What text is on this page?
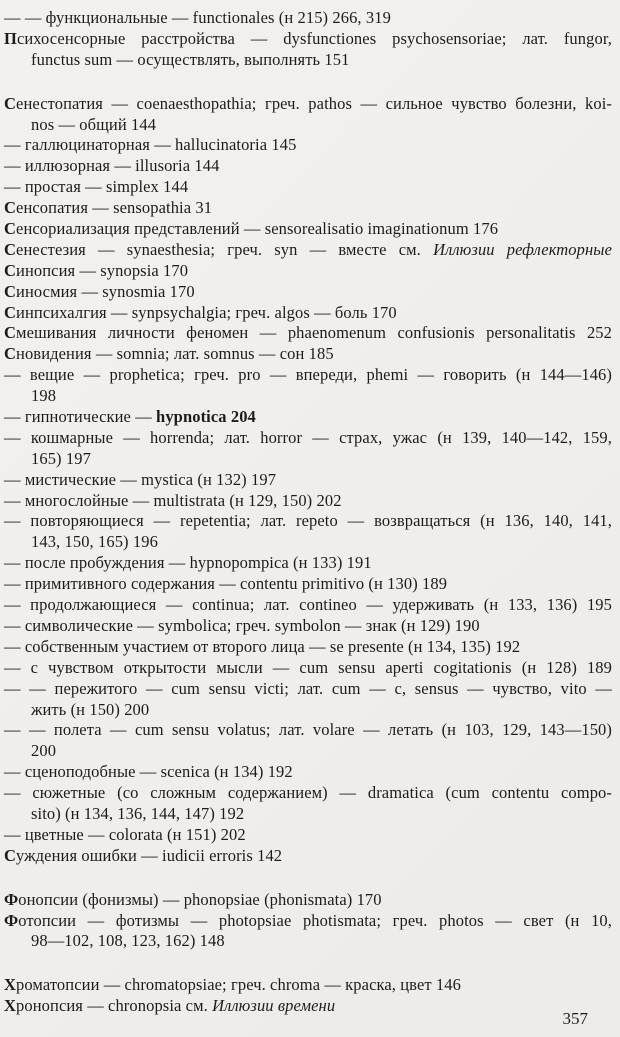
— — функциональные — functionales (н 215) 266, 319
Психосенсорные расстройства — dysfunctiones psychosensoriae; лат. fungor,
functus sum — осуществлять, выполнять 151
Сенестопатия — coenaesthopathia; греч. pathos — сильное чувство болезни, koi-
nos — общий 144
— галлюцинаторная — hallucinatoria 145
— иллюзорная — illusoria 144
— простая — simplex 144
Сенсопатия — sensopathia 31
Сенсориализация представлений — sensorealisatio imaginationum 176
Сенестезия — synaesthesia; греч. syn — вместе см. Иллюзии рефлекторные
Синопсия — synopsia 170
Синосмия — synosmia 170
Синпсихалгия — synpsychalgia; греч. algos — боль 170
Смешивания личности феномен — phaenomenum confusionis personalitatis 252
Сновидения — somnia; лат. somnus — сон 185
— вещие — prophetica; греч. pro — впереди, phemi — говорить (н 144—146)
198
— гипнотические — hypnotica 204
— кошмарные — horrenda; лат. horror — страх, ужас (н 139, 140—142, 159,
165) 197
— мистические — mystica (н 132) 197
— многослойные — multistrata (н 129, 150) 202
— повторяющиеся — repetentia; лат. repeto — возвращаться (н 136, 140, 141,
143, 150, 165) 196
— после пробуждения — hypnopompica (н 133) 191
— примитивного содержания — contentu primitivo (н 130) 189
— продолжающиеся — continua; лат. contineo — удерживать (н 133, 136) 195
— символические — symbolica; греч. symbolon — знак (н 129) 190
— собственным участием от второго лица — se presente (н 134, 135) 192
— с чувством открытости мысли — cum sensu aperti cogitationis (н 128) 189
— — пережитого — cum sensu victi; лат. cum — с, sensus — чувство, vito —
жить (н 150) 200
— — полета — cum sensu volatus; лат. volare — летать (н 103, 129, 143—150)
200
— сценоподобные — scenica (н 134) 192
— сюжетные (со сложным содержанием) — dramatica (cum contentu compo-
sito) (н 134, 136, 144, 147) 192
— цветные — colorata (н 151) 202
Суждения ошибки — iudicii erroris 142
Фонопсии (фонизмы) — phonopsiae (phonismata) 170
Фотопсии — фотизмы — photopsiae photismata; греч. photos — свет (н 10,
98—102, 108, 123, 162) 148
Хроматопсии — chromatopsiae; греч. chroma — краска, цвет 146
Хронопсия — chronopsia см. Иллюзии времени
357
